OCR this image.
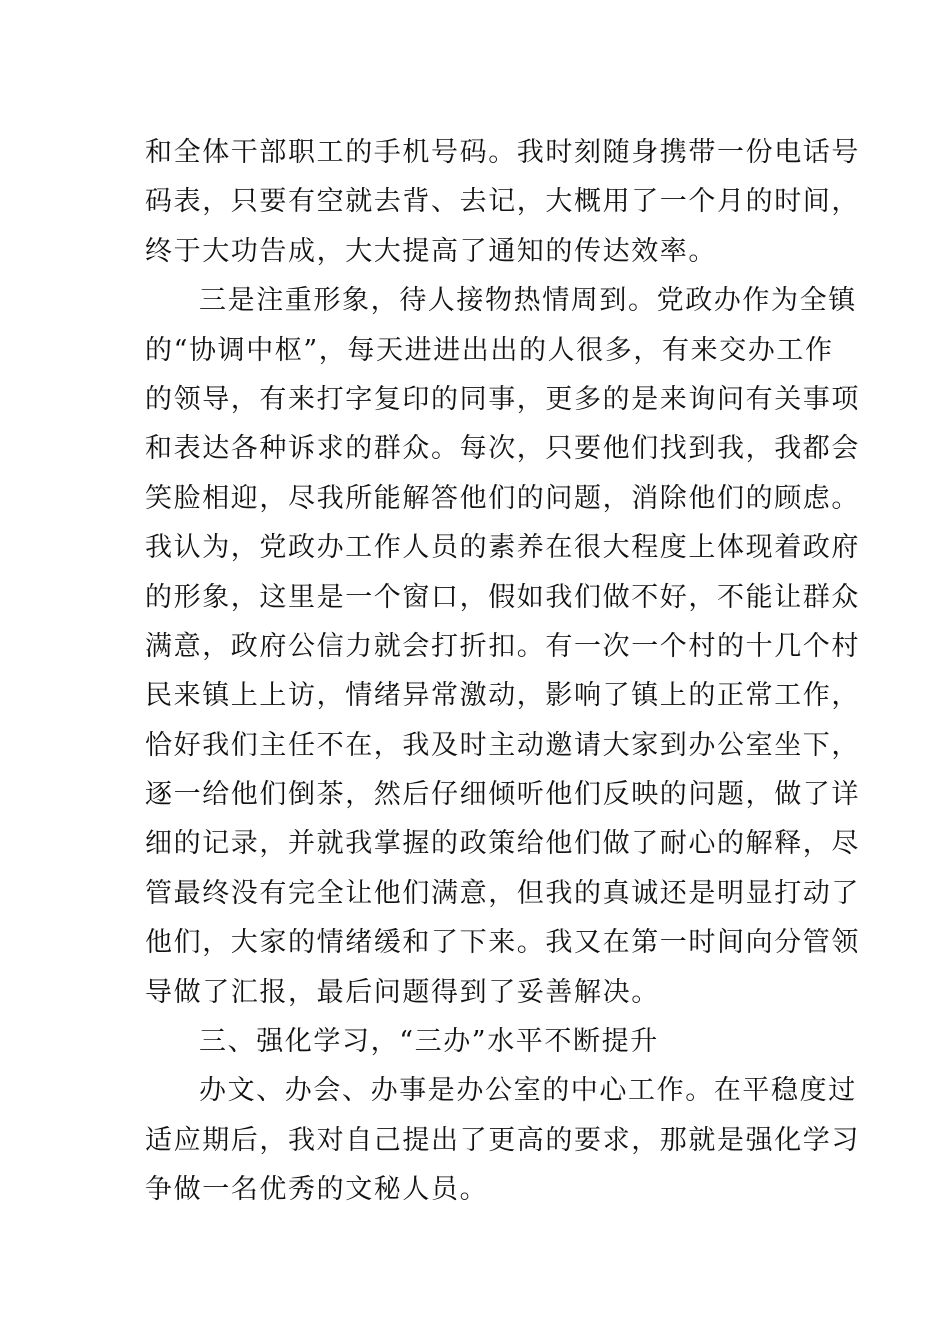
和全体干部职工的手机号码。我时刻随身携带一份电话号
码表，只要有空就去背、去记，大概用了一个月的时间，
终于大功告成，大大提高了通知的传达效率。
三是注重形象，待人接物热情周到。党政办作为全镇
的“协调中枢”，每天进进出出的人很多，有来交办工作
的领导，有来打字复印的同事，更多的是来询问有关事项
和表达各种诉求的群众。每次，只要他们找到我，我都会
笑脸相迎，尽我所能解答他们的问题，消除他们的顾虑。
我认为，党政办工作人员的素养在很大程度上体现着政府
的形象，这里是一个窗口，假如我们做不好，不能让群众
满意，政府公信力就会打折扣。有一次一个村的十几个村
民来镇上上访，情绪异常激动，影响了镇上的正常工作，
恰好我们主任不在，我及时主动邀请大家到办公室坐下，
逐一给他们倒茶，然后仔细倾听他们反映的问题，做了详
细的记录，并就我掌握的政策给他们做了耐心的解释，尽
管最终没有完全让他们满意，但我的真诚还是明显打动了
他们，大家的情绪缓和了下来。我又在第一时间向分管领
导做了汇报，最后问题得到了妥善解决。
三、强化学习，“三办”水平不断提升
办文、办会、办事是办公室的中心工作。在平稳度过
适应期后，我对自己提出了更高的要求，那就是强化学习
争做一名优秀的文秘人员。
